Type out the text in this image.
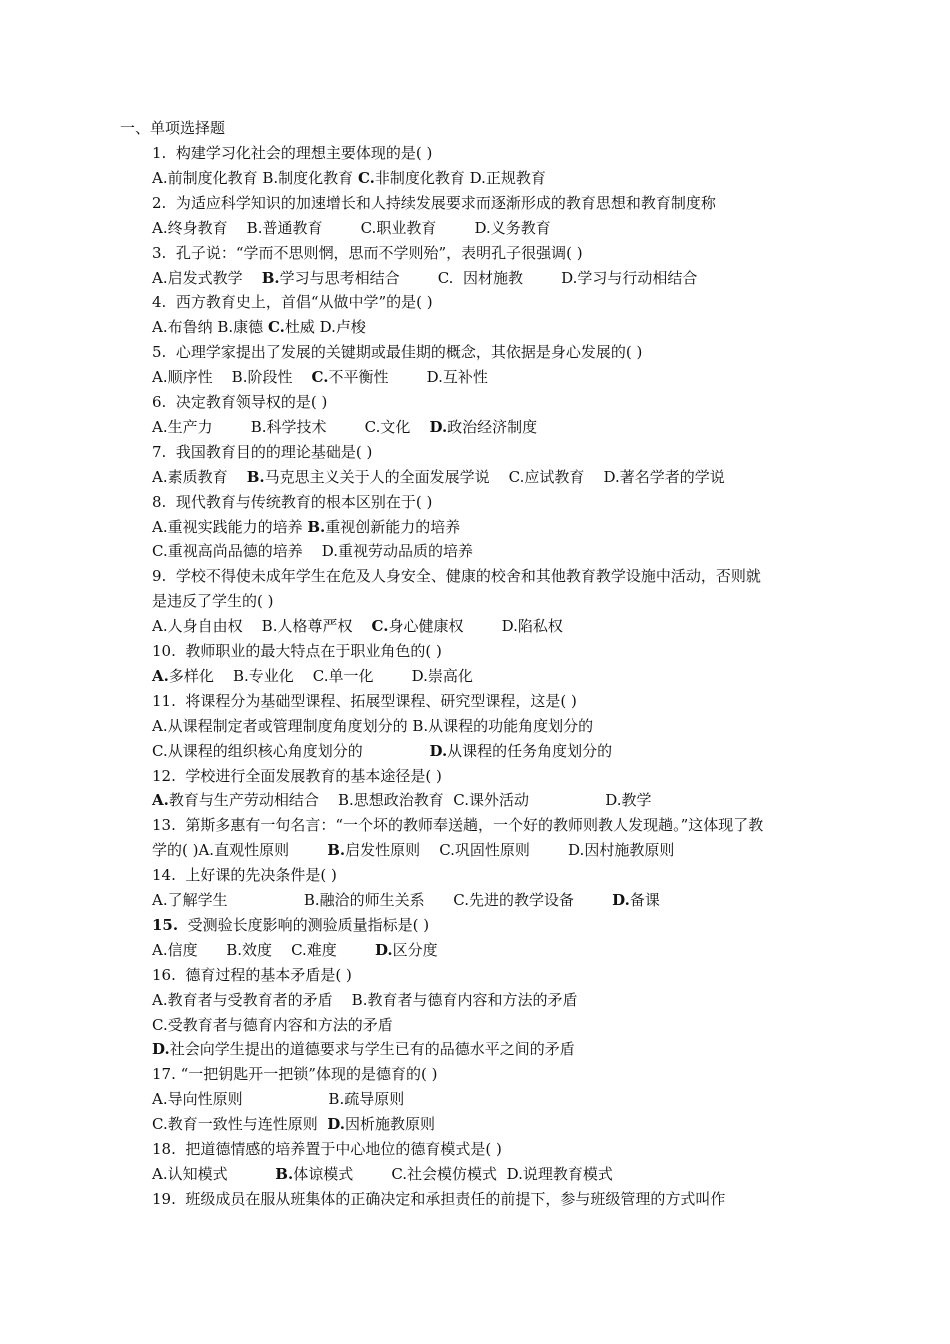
一、单项选择题
1.  构建学习化社会的理想主要体现的是( )
A.前制度化教育 B.制度化教育 C.非制度化教育 D.正规教育
2.  为适应科学知识的加速增长和人持续发展要求而逐渐形成的教育思想和教育制度称
A.终身教育    B.普通教育        C.职业教育        D.义务教育
3.  孔子说：“学而不思则惘，思而不学则殆”，表明孔子很强调( )
A.启发式教学    B.学习与思考相结合        C.  因材施教        D.学习与行动相结合
4.  西方教育史上，首倡“从做中学”的是( )
A.布鲁纳 B.康德 C.杜威 D.卢梭
5.  心理学家提出了发展的关键期或最佳期的概念，其依据是身心发展的( )
A.顺序性    B.阶段性    C.不平衡性        D.互补性
6.  决定教育领导权的是( )
A.生产力        B.科学技术        C.文化    D.政治经济制度
7.  我国教育目的的理论基础是( )
A.素质教育    B.马克思主义关于人的全面发展学说    C.应试教育    D.著名学者的学说
8.  现代教育与传统教育的根本区别在于( )
A.重视实践能力的培养 B.重视创新能力的培养
C.重视高尚品德的培养    D.重视劳动品质的培养
9.  学校不得使未成年学生在危及人身安全、健康的校舍和其他教育教学设施中活动，否则就
是违反了学生的( )
A.人身自由权    B.人格尊严权    C.身心健康权        D.陷私权
10.  教师职业的最大特点在于职业角色的( )
A.多样化    B.专业化    C.单一化        D.崇高化
11.  将课程分为基础型课程、拓展型课程、研究型课程，这是( )
A.从课程制定者或管理制度角度划分的 B.从课程的功能角度划分的
C.从课程的组织核心角度划分的              D.从课程的任务角度划分的
12.  学校进行全面发展教育的基本途径是( )
A.教育与生产劳动相结合    B.思想政治教育  C.课外活动                D.教学
13.  第斯多惠有一句名言：“一个坏的教师奉送趟，一个好的教师则教人发现趟。”这体现了教
学的( )A.直观性原则        B.启发性原则    C.巩固性原则        D.因村施教原则
14.  上好课的先决条件是( )
A.了解学生                B.融洽的师生关系      C.先进的教学设备        D.备课
15.  受测验长度影响的测验质量指标是( )
A.信度      B.效度    C.难度        D.区分度
16.  德育过程的基本矛盾是( )
A.教育者与受教育者的矛盾    B.教育者与德育内容和方法的矛盾
C.受教育者与德育内容和方法的矛盾
D.社会向学生提出的道德要求与学生已有的品德水平之间的矛盾
17. “一把钥匙开一把锁”体现的是德育的( )
A.导向性原则                  B.疏导原则
C.教育一致性与连性原则  D.因析施教原则
18.  把道德情感的培养置于中心地位的德育模式是( )
A.认知模式          B.体谅模式        C.社会模仿模式  D.说理教育模式
19.  班级成员在服从班集体的正确决定和承担责任的前提下，参与班级管理的方式叫作
